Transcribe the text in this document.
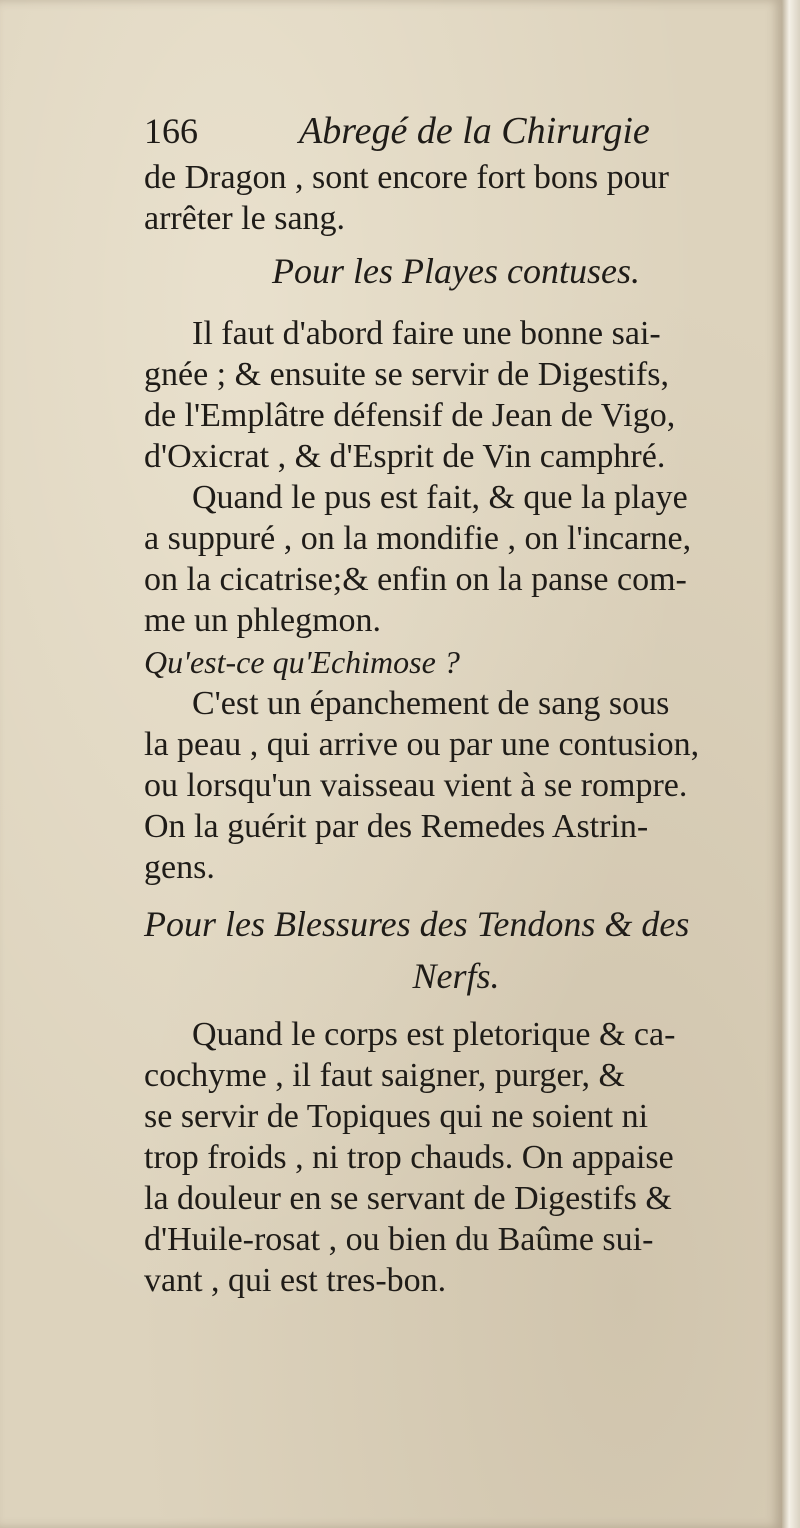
166	Abregé de la Chirurgie
de Dragon , sont encore fort bons pour
arrêter le sang.
Pour les Playes contuses.
Il faut d'abord faire une bonne sai-
gnée ; & ensuite se servir de Digestifs,
de l'Emplâtre défensif de Jean de Vigo,
d'Oxicrat , & d'Esprit de Vin camphré.
Quand le pus est fait, & que la playe
a suppuré , on la mondifie , on l'incarne,
on la cicatrise;& enfin on la panse com-
me un phlegmon.
Qu'est-ce qu'Echimose ?
C'est un épanchement de sang sous
la peau , qui arrive ou par une contusion,
ou lorsqu'un vaisseau vient à se rompre.
On la guérit par des Remedes Astrin-
gens.
Pour les Blessures des Tendons & des
Nerfs.
Quand le corps est pletorique & ca-
cochyme , il faut saigner, purger, &
se servir de Topiques qui ne soient ni
trop froids , ni trop chauds. On appaise
la douleur en se servant de Digestifs &
d'Huile-rosat , ou bien du Baûme sui-
vant , qui est tres-bon.
